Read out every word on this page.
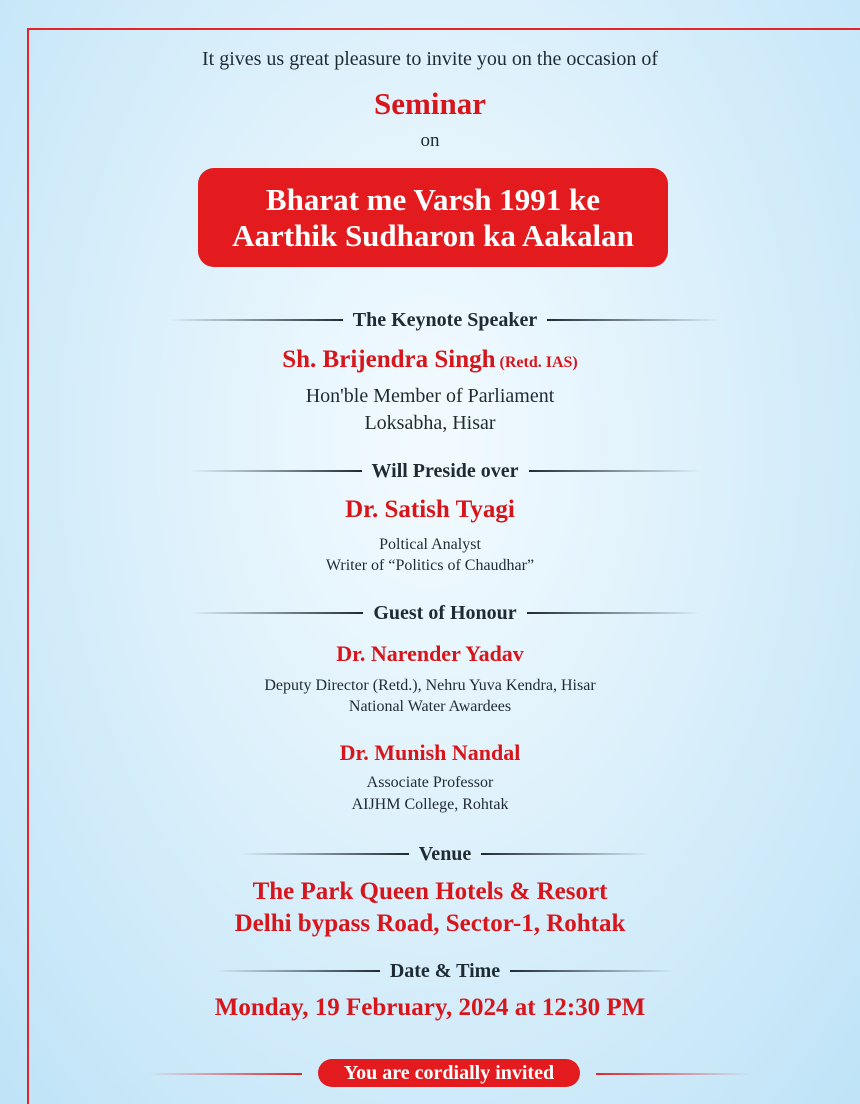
It gives us great pleasure to invite you on the occasion of
Seminar
on
Bharat me Varsh 1991 ke
Aarthik Sudharon ka Aakalan
The Keynote Speaker
Sh. Brijendra Singh (Retd. IAS)
Hon'ble Member of Parliament
Loksabha, Hisar
Will Preside over
Dr. Satish Tyagi
Poltical Analyst
Writer of “Politics of Chaudhar”
Guest of Honour
Dr. Narender Yadav
Deputy Director (Retd.), Nehru Yuva Kendra, Hisar
National Water Awardees
Dr. Munish Nandal
Associate Professor
AIJHM College, Rohtak
Venue
The Park Queen Hotels & Resort
Delhi bypass Road, Sector-1, Rohtak
Date & Time
Monday, 19 February, 2024 at 12:30 PM
You are cordially invited
